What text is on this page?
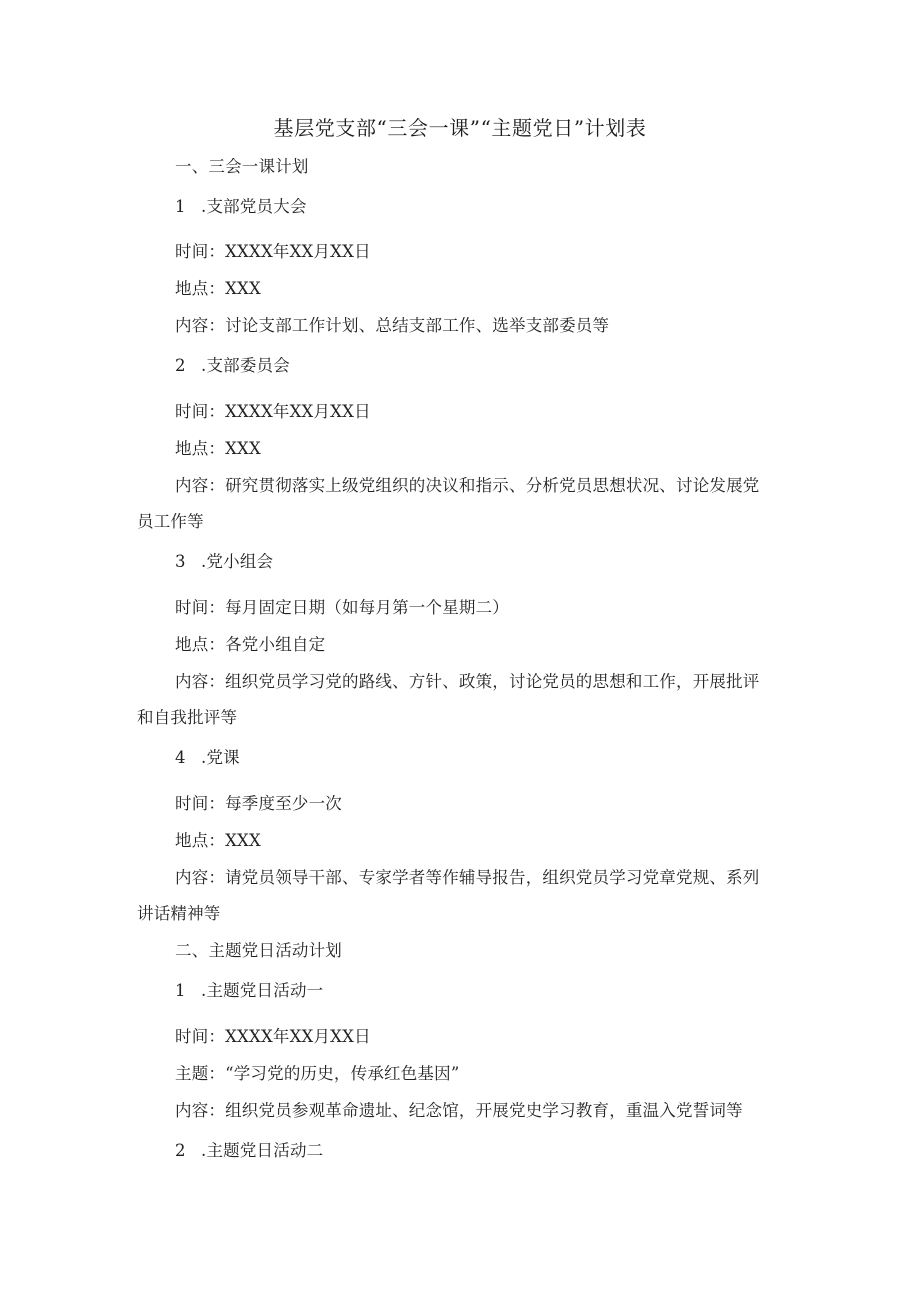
基层党支部“三会一课”“主题党日”计划表
一、三会一课计划
1 .支部党员大会
时间：XXXX年XX月XX日
地点：XXX
内容：讨论支部工作计划、总结支部工作、选举支部委员等
2 .支部委员会
时间：XXXX年XX月XX日
地点：XXX
内容：研究贯彻落实上级党组织的决议和指示、分析党员思想状况、讨论发展党
员工作等
3 .党小组会
时间：每月固定日期（如每月第一个星期二）
地点：各党小组自定
内容：组织党员学习党的路线、方针、政策，讨论党员的思想和工作，开展批评
和自我批评等
4 .党课
时间：每季度至少一次
地点：XXX
内容：请党员领导干部、专家学者等作辅导报告，组织党员学习党章党规、系列
讲话精神等
二、主题党日活动计划
1 .主题党日活动一
时间：XXXX年XX月XX日
主题：“学习党的历史，传承红色基因”
内容：组织党员参观革命遗址、纪念馆，开展党史学习教育，重温入党誓词等
2 .主题党日活动二
